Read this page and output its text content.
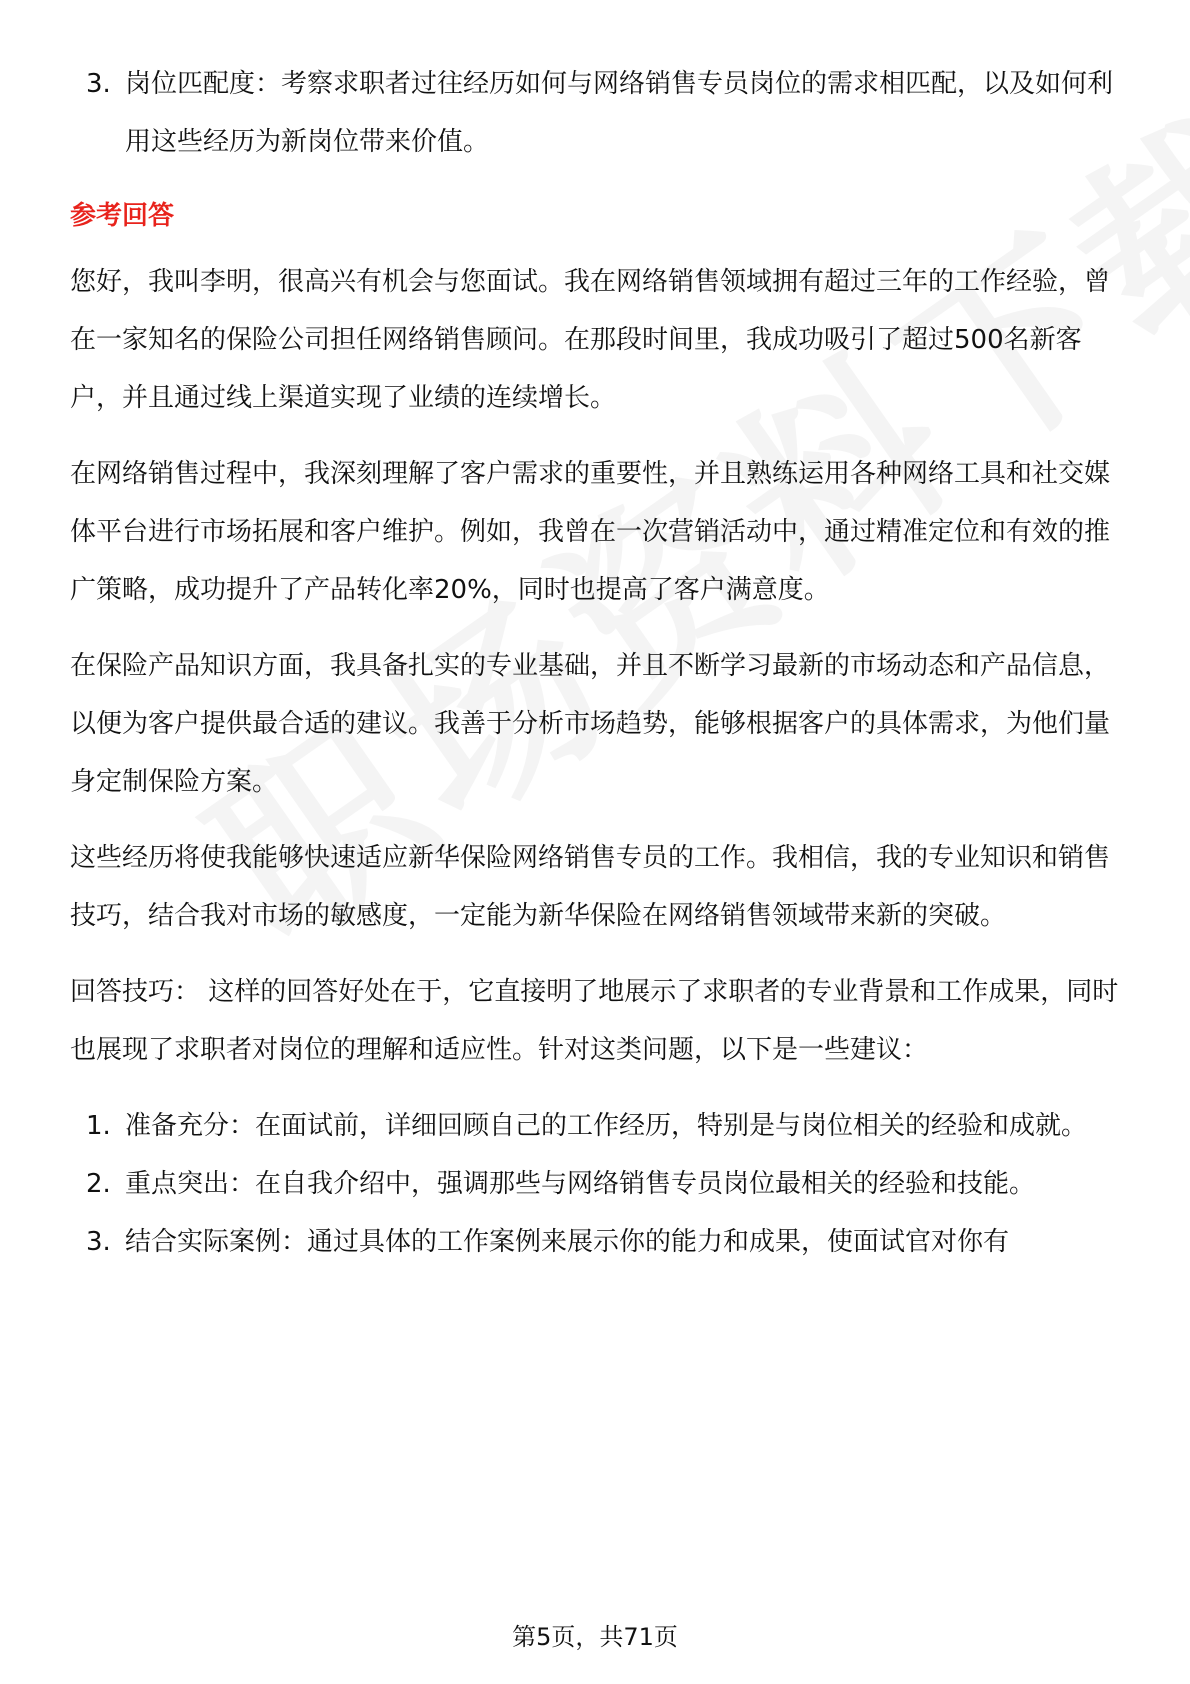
3. 岗位匹配度：考察求职者过往经历如何与网络销售专员岗位的需求相匹配，以及如何利用这些经历为新岗位带来价值。
参考回答
您好，我叫李明，很高兴有机会与您面试。我在网络销售领域拥有超过三年的工作经验，曾在一家知名的保险公司担任网络销售顾问。在那段时间里，我成功吸引了超过500名新客户，并且通过线上渠道实现了业绩的连续增长。
在网络销售过程中，我深刻理解了客户需求的重要性，并且熟练运用各种网络工具和社交媒体平台进行市场拓展和客户维护。例如，我曾在一次营销活动中，通过精准定位和有效的推广策略，成功提升了产品转化率20%，同时也提高了客户满意度。
在保险产品知识方面，我具备扎实的专业基础，并且不断学习最新的市场动态和产品信息，以便为客户提供最合适的建议。我善于分析市场趋势，能够根据客户的具体需求，为他们量身定制保险方案。
这些经历将使我能够快速适应新华保险网络销售专员的工作。我相信，我的专业知识和销售技巧，结合我对市场的敏感度，一定能为新华保险在网络销售领域带来新的突破。
回答技巧： 这样的回答好处在于，它直接明了地展示了求职者的专业背景和工作成果，同时也展现了求职者对岗位的理解和适应性。针对这类问题，以下是一些建议：
1. 准备充分：在面试前，详细回顾自己的工作经历，特别是与岗位相关的经验和成就。
2. 重点突出：在自我介绍中，强调那些与网络销售专员岗位最相关的经验和技能。
3. 结合实际案例：通过具体的工作案例来展示你的能力和成果，使面试官对你有
第5页，共71页
